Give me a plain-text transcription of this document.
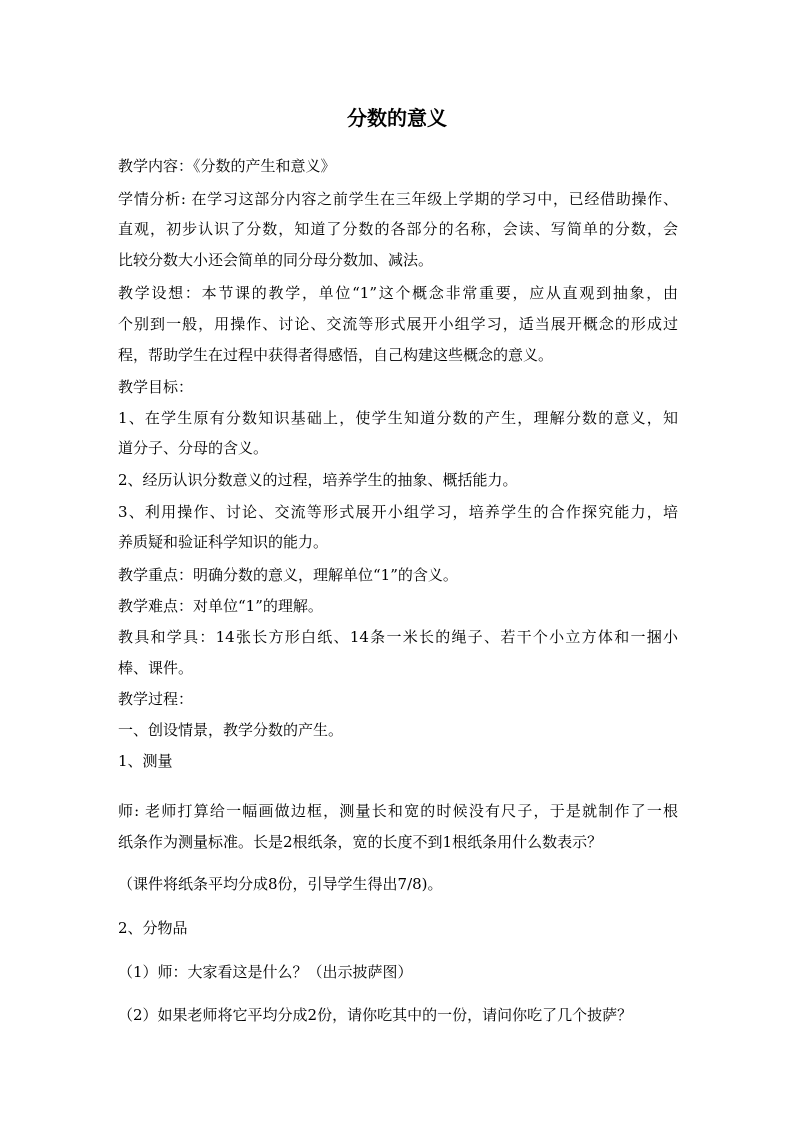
分数的意义
教学内容：《分数的产生和意义》
学情分析: 在学习这部分内容之前学生在三年级上学期的学习中，已经借助操作、
直观，初步认识了分数，知道了分数的各部分的名称，会读、写简单的分数，会
比较分数大小还会简单的同分母分数加、减法。
教学设想：本节课的教学，单位“1”这个概念非常重要，应从直观到抽象，由
个别到一般，用操作、讨论、交流等形式展开小组学习，适当展开概念的形成过
程，帮助学生在过程中获得者得感悟，自己构建这些概念的意义。
教学目标：
1、在学生原有分数知识基础上，使学生知道分数的产生，理解分数的意义，知
道分子、分母的含义。
2、经历认识分数意义的过程，培养学生的抽象、概括能力。
3、利用操作、讨论、交流等形式展开小组学习，培养学生的合作探究能力，培
养质疑和验证科学知识的能力。
教学重点：明确分数的意义，理解单位“1”的含义。
教学难点：对单位“1”的理解。
教具和学具：14张长方形白纸、14条一米长的绳子、若干个小立方体和一捆小
棒、课件。
教学过程：
一、创设情景，教学分数的产生。
1、测量
师: 老师打算给一幅画做边框，测量长和宽的时候没有尺子，于是就制作了一根
纸条作为测量标准。长是2根纸条，宽的长度不到1根纸条用什么数表示？
（课件将纸条平均分成8份，引导学生得出7/8)。
2、分物品
（1）师：大家看这是什么？（出示披萨图）
（2）如果老师将它平均分成2份，请你吃其中的一份，请问你吃了几个披萨？
